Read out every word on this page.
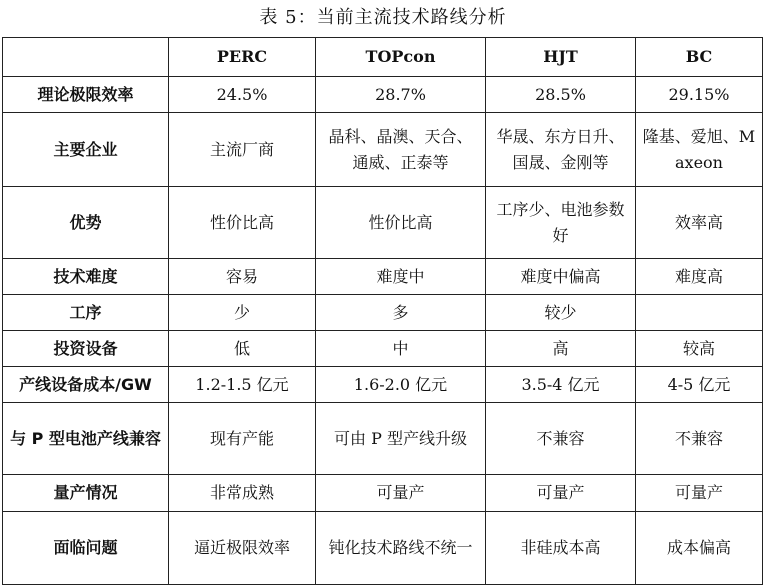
表 5：当前主流技术路线分析
	PERC	TOPcon	HJT	BC
理论极限效率	24.5%	28.7%	28.5%	29.15%
主要企业	主流厂商	晶科、晶澳、天合、通威、正泰等	华晟、东方日升、国晟、金刚等	隆基、爱旭、Maxeon
优势	性价比高	性价比高	工序少、电池参数好	效率高
技术难度	容易	难度中	难度中偏高	难度高
工序	少	多	较少	
投资设备	低	中	高	较高
产线设备成本/GW	1.2-1.5 亿元	1.6-2.0 亿元	3.5-4 亿元	4-5 亿元
与 P 型电池产线兼容	现有产能	可由 P 型产线升级	不兼容	不兼容
量产情况	非常成熟	可量产	可量产	可量产
面临问题	逼近极限效率	钝化技术路线不统一	非硅成本高	成本偏高
